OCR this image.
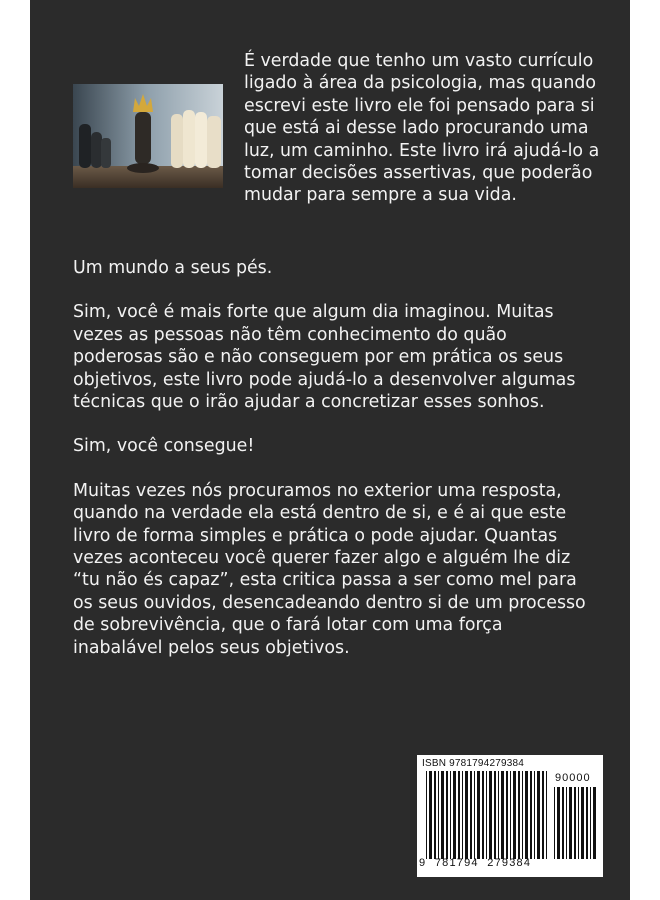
É verdade que tenho um vasto currículo ligado à área da psicologia, mas quando escrevi este livro ele foi pensado para si que está ai desse lado procurando uma luz, um caminho. Este livro irá ajudá-lo a tomar decisões assertivas, que poderão mudar para sempre a sua vida.

Um mundo a seus pés.

Sim, você é mais forte que algum dia imaginou. Muitas vezes as pessoas não têm conhecimento do quão poderosas são e não conseguem por em prática os seus objetivos, este livro pode ajudá-lo a desenvolver algumas técnicas que o irão ajudar a concretizar esses sonhos.

Sim, você consegue!

Muitas vezes nós procuramos no exterior uma resposta, quando na verdade ela está dentro de si, e é ai que este livro de forma simples e prática o pode ajudar. Quantas vezes aconteceu você querer fazer algo e alguém lhe diz “tu não és capaz”, esta critica passa a ser como mel para os seus ouvidos, desencadeando dentro si de um processo de sobrevivência, que o fará lotar com uma força inabalável pelos seus objetivos.

ISBN 9781794279384
90000
9  781794  279384
